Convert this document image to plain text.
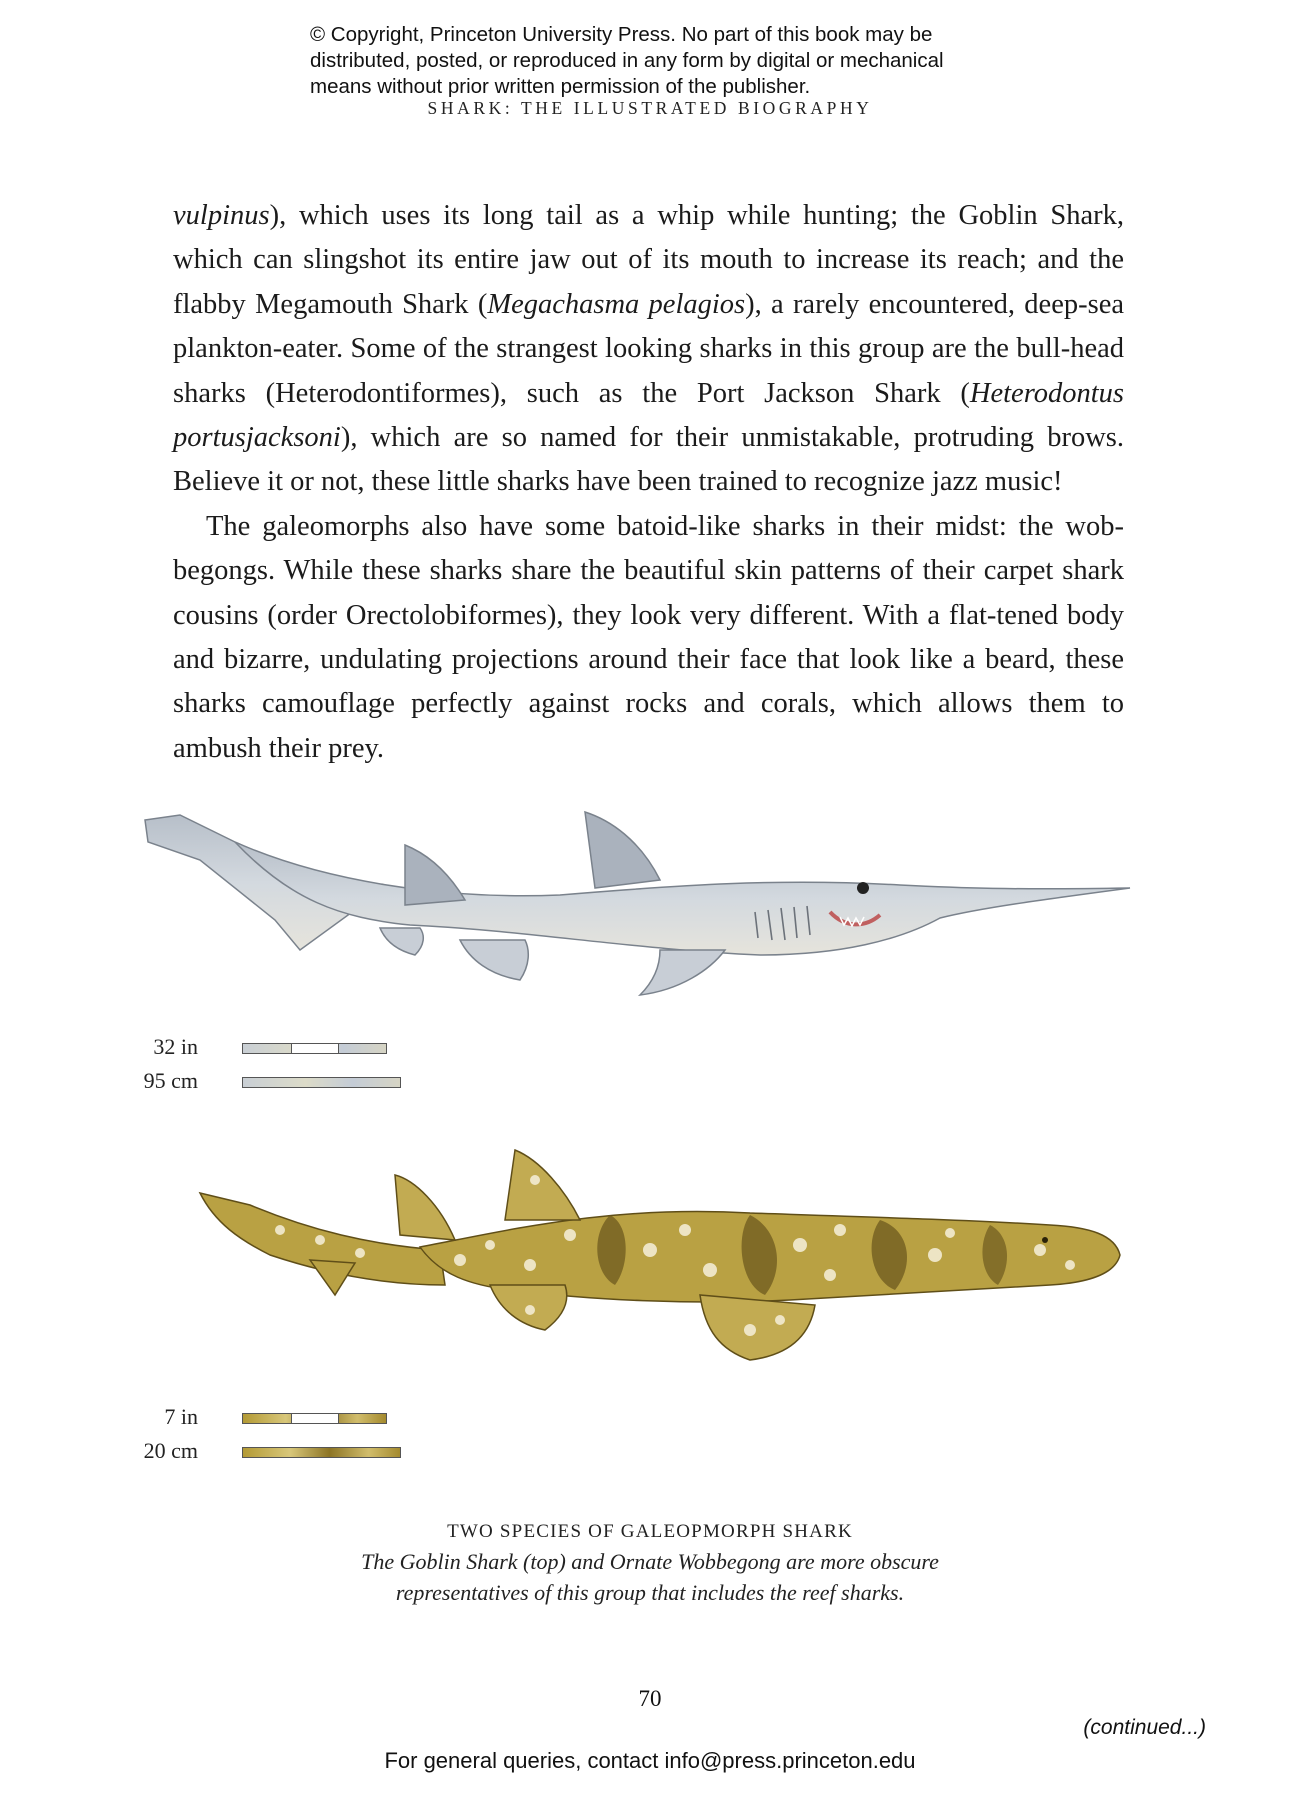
© Copyright, Princeton University Press. No part of this book may be
distributed, posted, or reproduced in any form by digital or mechanical
means without prior written permission of the publisher.
SHARK: THE ILLUSTRATED BIOGRAPHY

vulpinus), which uses its long tail as a whip while hunting; the Goblin Shark, which can slingshot its entire jaw out of its mouth to increase its reach; and the flabby Megamouth Shark (Megachasma pelagios), a rarely encountered, deep-sea plankton-eater. Some of the strangest looking sharks in this group are the bull-head sharks (Heterodontiformes), such as the Port Jackson Shark (Heterodontus portusjacksoni), which are so named for their unmistakable, protruding brows. Believe it or not, these little sharks have been trained to recognize jazz music!

The galeomorphs also have some batoid-like sharks in their midst: the wob-begongs. While these sharks share the beautiful skin patterns of their carpet shark cousins (order Orectolobiformes), they look very different. With a flat-tened body and bizarre, undulating projections around their face that look like a beard, these sharks camouflage perfectly against rocks and corals, which allows them to ambush their prey.

32 in
95 cm
7 in
20 cm
TWO SPECIES OF GALEOPMORPH SHARK
The Goblin Shark (top) and Ornate Wobbegong are more obscure
representatives of this group that includes the reef sharks.
70
(continued...)
For general queries, contact info@press.princeton.edu
